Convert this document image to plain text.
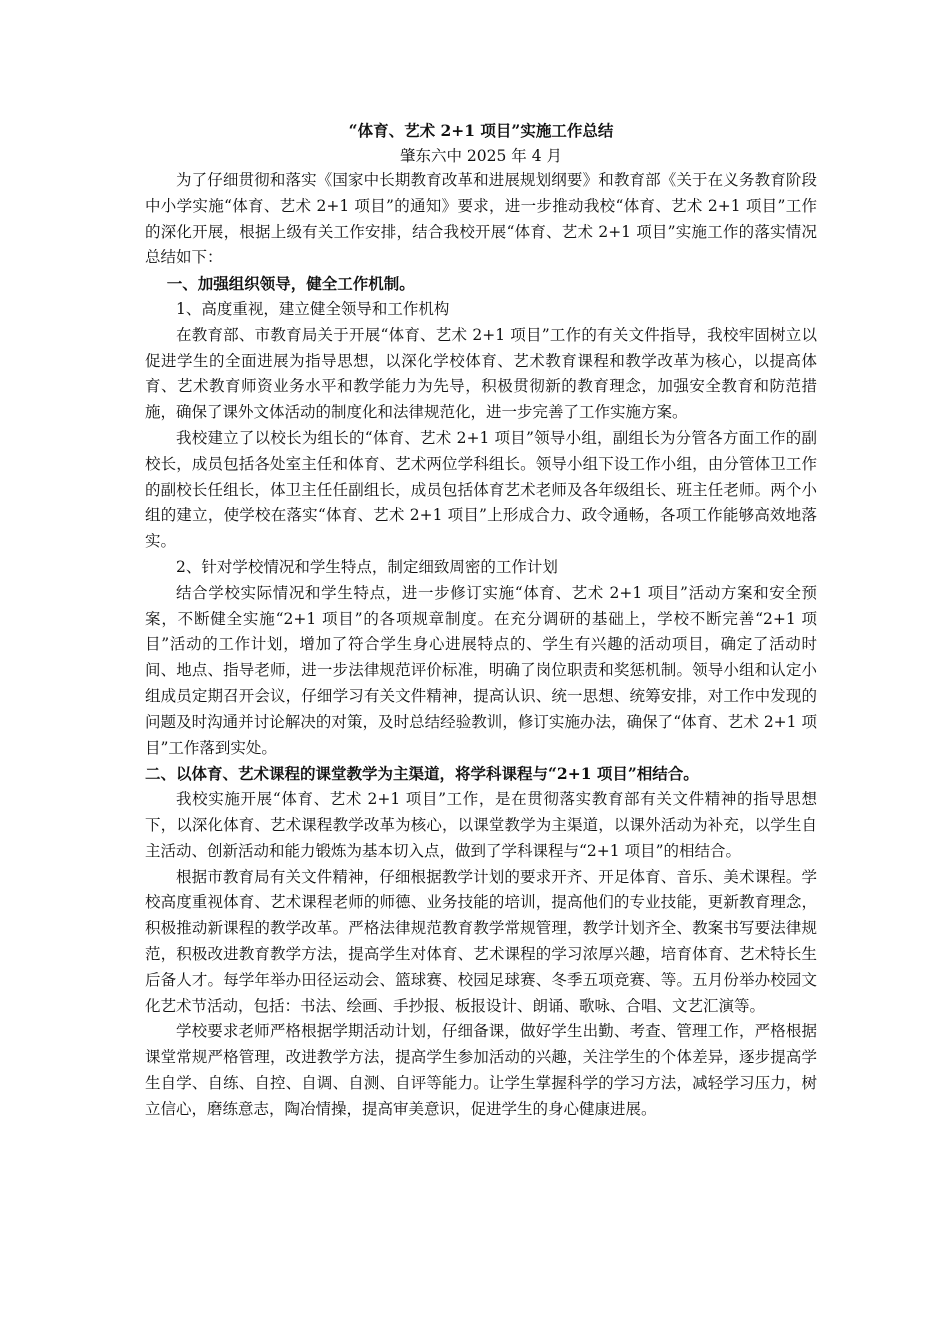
“体育、艺术 2+1 项目”实施工作总结

肇东六中 2025 年 4 月

为了仔细贯彻和落实《国家中长期教育改革和进展规划纲要》和教育部《关于在义务教育阶段中小学实施“体育、艺术 2+1 项目”的通知》要求，进一步推动我校“体育、艺术 2+1 项目”工作的深化开展，根据上级有关工作安排，结合我校开展“体育、艺术 2+1 项目”实施工作的落实情况总结如下：

一、加强组织领导，健全工作机制。

1、高度重视，建立健全领导和工作机构

在教育部、市教育局关于开展“体育、艺术 2+1 项目”工作的有关文件指导，我校牢固树立以促进学生的全面进展为指导思想，以深化学校体育、艺术教育课程和教学改革为核心，以提高体育、艺术教育师资业务水平和教学能力为先导，积极贯彻新的教育理念，加强安全教育和防范措施，确保了课外文体活动的制度化和法律规范化，进一步完善了工作实施方案。

我校建立了以校长为组长的“体育、艺术 2+1 项目”领导小组，副组长为分管各方面工作的副校长，成员包括各处室主任和体育、艺术两位学科组长。领导小组下设工作小组，由分管体卫工作的副校长任组长，体卫主任任副组长，成员包括体育艺术老师及各年级组长、班主任老师。两个小组的建立，使学校在落实“体育、艺术 2+1 项目”上形成合力、政令通畅，各项工作能够高效地落实。

2、针对学校情况和学生特点，制定细致周密的工作计划

结合学校实际情况和学生特点，进一步修订实施“体育、艺术 2+1 项目”活动方案和安全预案，不断健全实施“2+1 项目”的各项规章制度。在充分调研的基础上，学校不断完善“2+1 项目”活动的工作计划，增加了符合学生身心进展特点的、学生有兴趣的活动项目，确定了活动时间、地点、指导老师，进一步法律规范评价标准，明确了岗位职责和奖惩机制。领导小组和认定小组成员定期召开会议，仔细学习有关文件精神，提高认识、统一思想、统筹安排，对工作中发现的问题及时沟通并讨论解决的对策，及时总结经验教训，修订实施办法，确保了“体育、艺术 2+1 项目”工作落到实处。

二、以体育、艺术课程的课堂教学为主渠道，将学科课程与“2+1 项目”相结合。

我校实施开展“体育、艺术 2+1 项目”工作，是在贯彻落实教育部有关文件精神的指导思想下，以深化体育、艺术课程教学改革为核心，以课堂教学为主渠道，以课外活动为补充，以学生自主活动、创新活动和能力锻炼为基本切入点，做到了学科课程与“2+1 项目”的相结合。

根据市教育局有关文件精神，仔细根据教学计划的要求开齐、开足体育、音乐、美术课程。学校高度重视体育、艺术课程老师的师德、业务技能的培训，提高他们的专业技能，更新教育理念，积极推动新课程的教学改革。严格法律规范教育教学常规管理，教学计划齐全、教案书写要法律规范，积极改进教育教学方法，提高学生对体育、艺术课程的学习浓厚兴趣，培育体育、艺术特长生后备人才。每学年举办田径运动会、篮球赛、校园足球赛、冬季五项竞赛、等。五月份举办校园文化艺术节活动，包括：书法、绘画、手抄报、板报设计、朗诵、歌咏、合唱、文艺汇演等。

学校要求老师严格根据学期活动计划，仔细备课，做好学生出勤、考查、管理工作，严格根据课堂常规严格管理，改进教学方法，提高学生参加活动的兴趣，关注学生的个体差异，逐步提高学生自学、自练、自控、自调、自测、自评等能力。让学生掌握科学的学习方法，减轻学习压力，树立信心，磨练意志，陶冶情操，提高审美意识，促进学生的身心健康进展。
